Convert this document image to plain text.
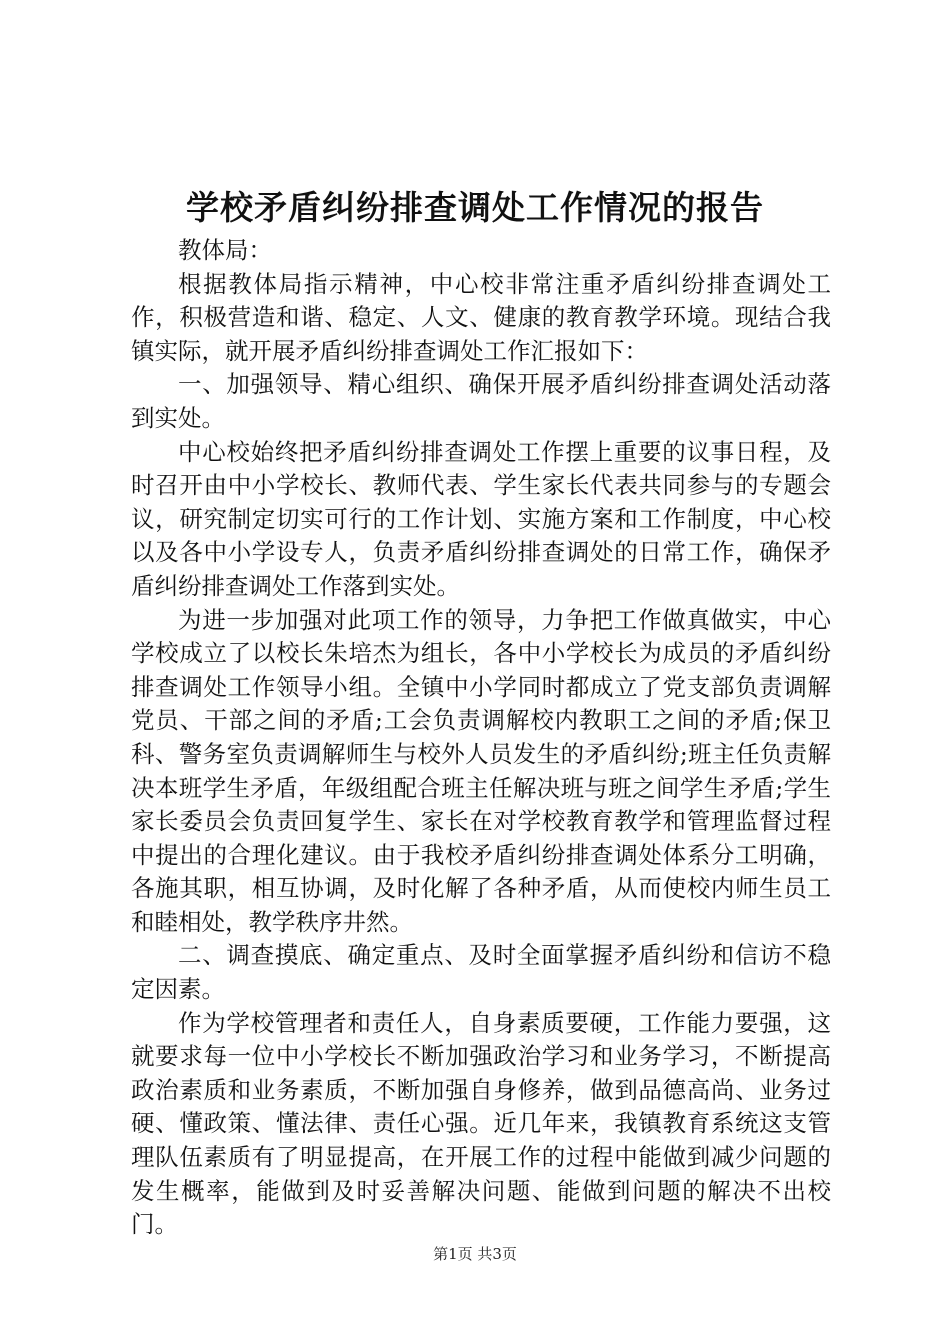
学校矛盾纠纷排查调处工作情况的报告

教体局：

根据教体局指示精神，中心校非常注重矛盾纠纷排查调处工作，积极营造和谐、稳定、人文、健康的教育教学环境。现结合我镇实际，就开展矛盾纠纷排查调处工作汇报如下：

一、加强领导、精心组织、确保开展矛盾纠纷排查调处活动落到实处。

中心校始终把矛盾纠纷排查调处工作摆上重要的议事日程，及时召开由中小学校长、教师代表、学生家长代表共同参与的专题会议，研究制定切实可行的工作计划、实施方案和工作制度，中心校以及各中小学设专人，负责矛盾纠纷排查调处的日常工作，确保矛盾纠纷排查调处工作落到实处。

为进一步加强对此项工作的领导，力争把工作做真做实，中心学校成立了以校长朱培杰为组长，各中小学校长为成员的矛盾纠纷排查调处工作领导小组。全镇中小学同时都成立了党支部负责调解党员、干部之间的矛盾;工会负责调解校内教职工之间的矛盾;保卫科、警务室负责调解师生与校外人员发生的矛盾纠纷;班主任负责解决本班学生矛盾，年级组配合班主任解决班与班之间学生矛盾;学生家长委员会负责回复学生、家长在对学校教育教学和管理监督过程中提出的合理化建议。由于我校矛盾纠纷排查调处体系分工明确，各施其职，相互协调，及时化解了各种矛盾，从而使校内师生员工和睦相处，教学秩序井然。

二、调查摸底、确定重点、及时全面掌握矛盾纠纷和信访不稳定因素。

作为学校管理者和责任人，自身素质要硬，工作能力要强，这就要求每一位中小学校长不断加强政治学习和业务学习，不断提高政治素质和业务素质，不断加强自身修养，做到品德高尚、业务过硬、懂政策、懂法律、责任心强。近几年来，我镇教育系统这支管理队伍素质有了明显提高，在开展工作的过程中能做到减少问题的发生概率，能做到及时妥善解决问题、能做到问题的解决不出校门。

第1页 共3页
